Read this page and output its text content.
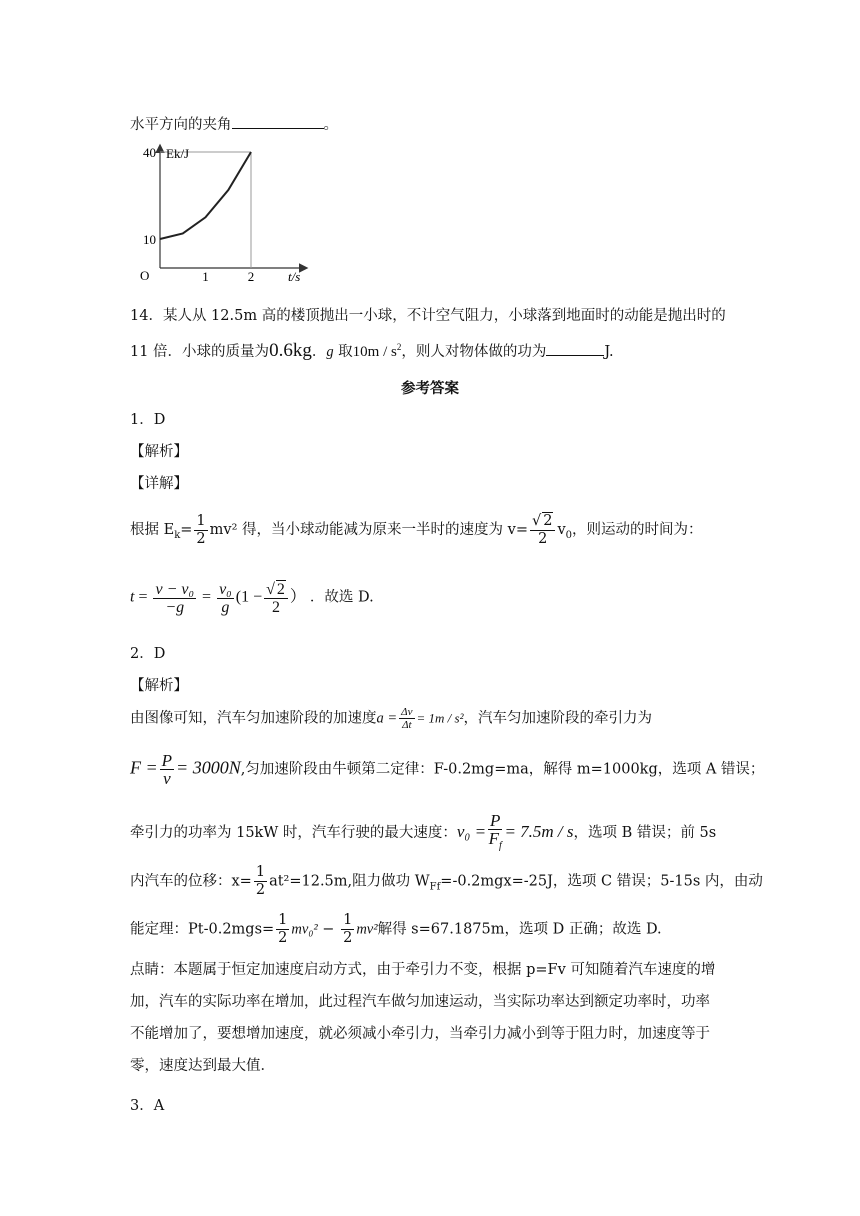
水平方向的夹角	。
Ek/J
t/s
O	1	2
10
40
14．某人从 12.5m 高的楼顶抛出一小球，不计空气阻力，小球落到地面时的动能是抛出时的
11 倍．小球的质量为0.6kg．g 取$10m / s^2$，则人对物体做的功为	J.
参考答案
1．D
【解析】
【详解】
根据 $E_k= \frac{1}{2} mv^2$ 得，当小球动能减为原来一半时的速度为 $v= \frac{√ 2}{2} v_0$，则运动的时间为：
$t = \frac{\text{v − v₀}}{-g} = \frac{\text{v₀}}{g} (1 - \frac{√ 2}{2}$ ） ．故选 D.
2．D
【解析】
由图像可知，汽车匀加速阶段的加速度$a = \frac{\Delta v}{\Delta t} = 1m / s^2$，汽车匀加速阶段的牵引力为
$F = \frac{P}{v} = 3000N$,匀加速阶段由牛顿第二定律：F-0.2mg=ma，解得 m=1000kg，选项 A 错误；
牵引力的功率为 15kW 时，汽车行驶的最大速度：$v_0 = \frac{P}{F_f} = 7.5m / s$，选项 B 错误；前 5s
内汽车的位移：$x= \frac{1}{2} at^2=12.5m$,阻力做功 $W_{Ff}=-0.2mgx=-25J$，选项 C 错误；5-15s 内，由动
能定理：$Pt-0.2mgs= \frac{1}{2} mv_0^2 - \frac{1}{2} mv^2$解得 s=67.1875m，选项 D 正确；故选 D.
点睛：本题属于恒定加速度启动方式，由于牵引力不变，根据 p=Fv 可知随着汽车速度的增
加，汽车的实际功率在增加，此过程汽车做匀加速运动，当实际功率达到额定功率时，功率
不能增加了，要想增加速度，就必须减小牵引力，当牵引力减小到等于阻力时，加速度等于
零，速度达到最大值．
3．A
